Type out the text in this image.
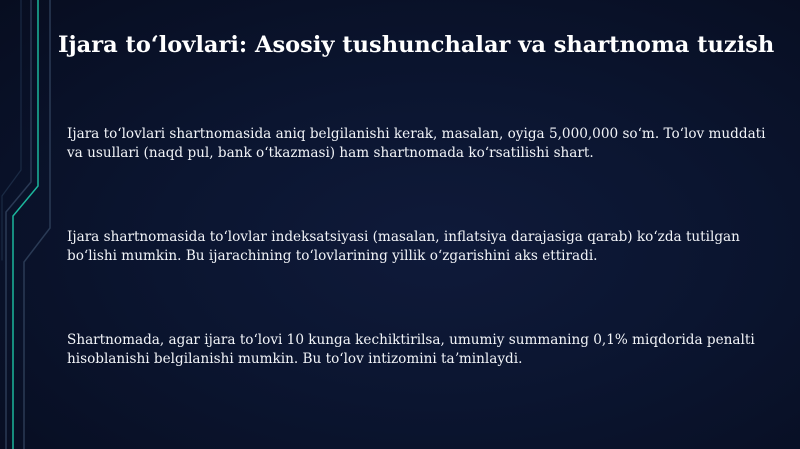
Ijara toʻlovlari: Asosiy tushunchalar va shartnoma tuzish
Ijara toʻlovlari shartnomasida aniq belgilanishi kerak, masalan, oyiga 5,000,000 soʻm. Toʻlov muddati va usullari (naqd pul, bank oʻtkazmasi) ham shartnomada koʻrsatilishi shart.
Ijara shartnomasida toʻlovlar indeksatsiyasi (masalan, inflatsiya darajasiga qarab) koʻzda tutilgan boʻlishi mumkin. Bu ijarachining toʻlovlarining yillik oʻzgarishini aks ettiradi.
Shartnomada, agar ijara toʻlovi 10 kunga kechiktirilsa, umumiy summaning 0,1% miqdorida penalti hisoblanishi belgilanishi mumkin. Bu toʻlov intizomini taʼminlaydi.
